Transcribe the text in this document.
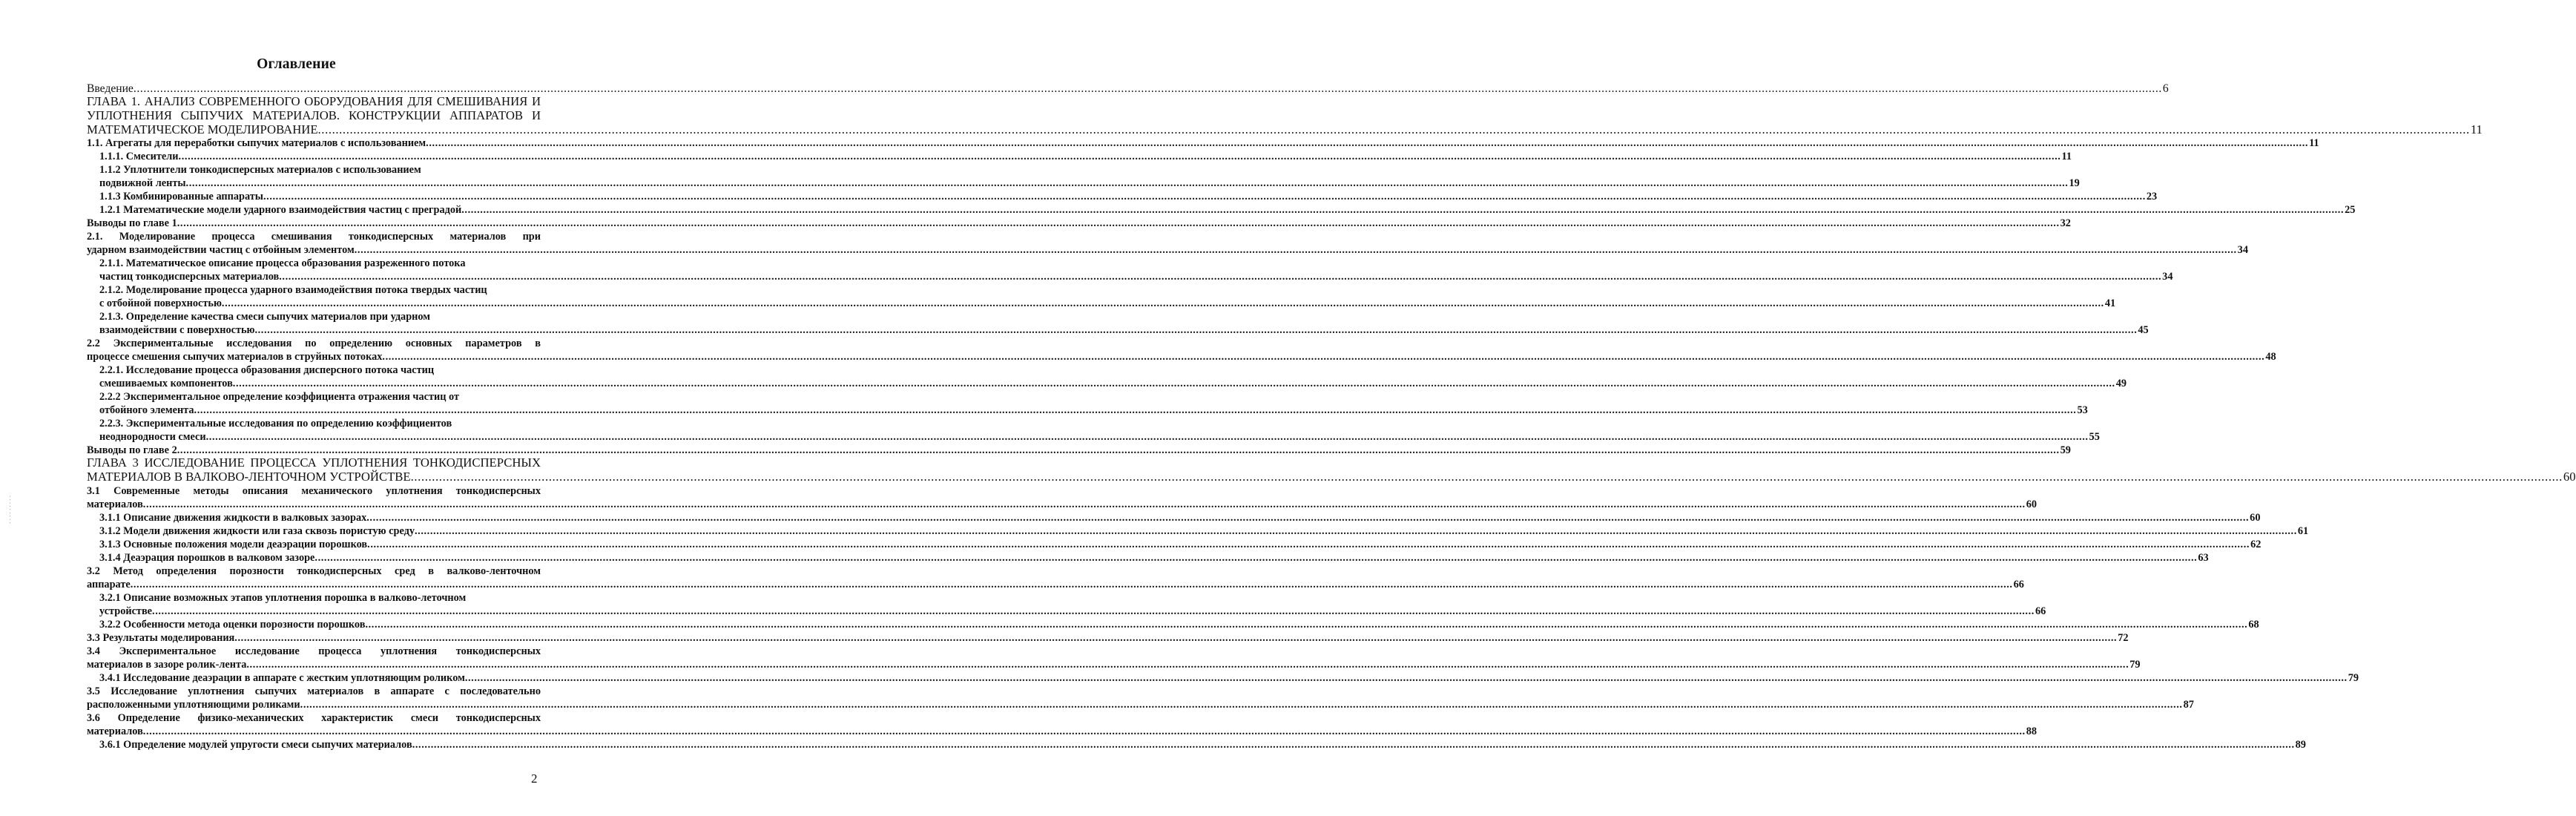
Оглавление
Введение .....	6
ГЛАВА 1. АНАЛИЗ СОВРЕМЕННОГО ОБОРУДОВАНИЯ ДЛЯ СМЕШИВАНИЯ И
УПЛОТНЕНИЯ СЫПУЧИХ МАТЕРИАЛОВ. КОНСТРУКЦИИ АППАРАТОВ И
МАТЕМАТИЧЕСКОЕ МОДЕЛИРОВАНИЕ .....	11
1.1. Агрегаты для переработки сыпучих материалов с использованием .....	11
1.1.1. Смесители .....	11
1.1.2 Уплотнители тонкодисперсных материалов с использованием
подвижной ленты .....	19
1.1.3 Комбинированные аппараты .....	23
1.2.1 Математические модели ударного взаимодействия частиц с преградой .....	25
Выводы по главе 1 .....	32
2.1. Моделирование процесса смешивания тонкодисперсных материалов при
ударном взаимодействии частиц с отбойным элементом .....	34
2.1.1. Математическое описание процесса образования разреженного потока
частиц тонкодисперсных материалов .....	34
2.1.2. Моделирование процесса ударного взаимодействия потока твердых частиц
с отбойной поверхностью .....	41
2.1.3. Определение качества смеси сыпучих материалов при ударном
взаимодействии с поверхностью .....	45
2.2 Экспериментальные исследования по определению основных параметров в
процессе смешения сыпучих материалов в струйных потоках .....	48
2.2.1. Исследование процесса образования дисперсного потока частиц
смешиваемых компонентов .....	49
2.2.2 Экспериментальное определение коэффициента отражения частиц от
отбойного элемента .....	53
2.2.3. Экспериментальные исследования по определению коэффициентов
неоднородности смеси .....	55
Выводы по главе 2 .....	59
ГЛАВА 3 ИССЛЕДОВАНИЕ ПРОЦЕССА УПЛОТНЕНИЯ ТОНКОДИСПЕРСНЫХ
МАТЕРИАЛОВ В ВАЛКОВО-ЛЕНТОЧНОМ УСТРОЙСТВЕ .....	60
3.1 Современные методы описания механического уплотнения тонкодисперсных
материалов .....	60
3.1.1 Описание движения жидкости в валковых зазорах .....	60
3.1.2 Модели движения жидкости или газа сквозь пористую среду .....	61
3.1.3 Основные положения модели деаэрации порошков .....	62
3.1.4 Деаэрация порошков в валковом зазоре .....	63
3.2 Метод определения порозности тонкодисперсных сред в валково-ленточном
аппарате .....	66
3.2.1 Описание возможных этапов уплотнения порошка в валково-леточном
устройстве .....	66
3.2.2 Особенности метода оценки порозности порошков .....	68
3.3 Результаты моделирования .....	72
3.4 Экспериментальное исследование процесса уплотнения тонкодисперсных
материалов в зазоре ролик-лента .....	79
3.4.1 Исследование деаэрации в аппарате с жестким уплотняющим роликом .....	79
3.5 Исследование уплотнения сыпучих материалов в аппарате с последовательно
расположенными уплотняющими роликами .....	87
3.6 Определение физико-механических характеристик смеси тонкодисперсных
материалов .....	88
3.6.1 Определение модулей упругости смеси сыпучих материалов .....	89
· · · · · · · · ·
2
